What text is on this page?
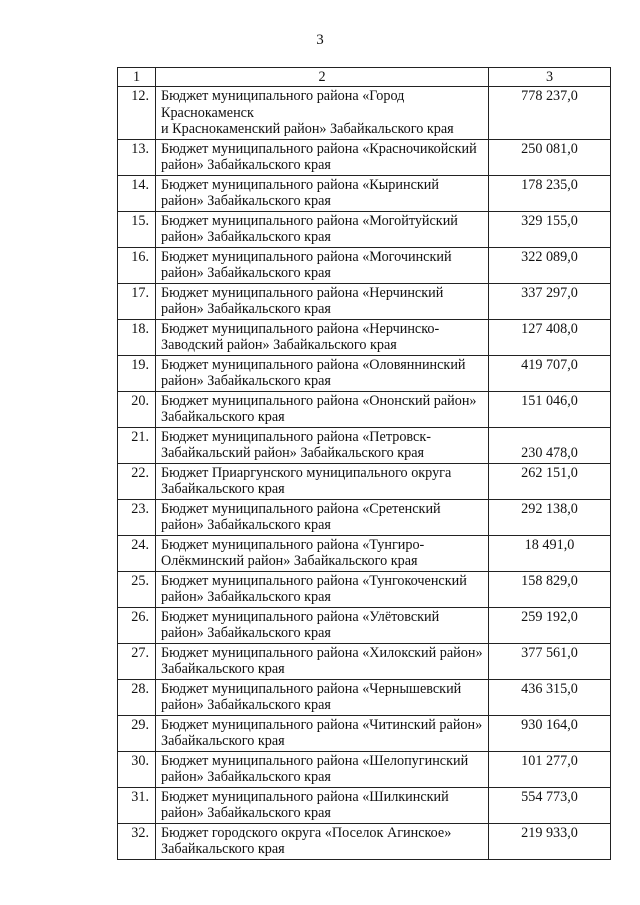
3
1	2	3
12.	Бюджет муниципального района «Город Краснокаменск
и Краснокаменский район» Забайкальского края	778 237,0
13.	Бюджет муниципального района «Красночикойский район» Забайкальского края	250 081,0
14.	Бюджет муниципального района «Кыринский район» Забайкальского края	178 235,0
15.	Бюджет муниципального района «Могойтуйский район» Забайкальского края	329 155,0
16.	Бюджет муниципального района «Могочинский район» Забайкальского края	322 089,0
17.	Бюджет муниципального района «Нерчинский район» Забайкальского края	337 297,0
18.	Бюджет муниципального района «Нерчинско-Заводский район» Забайкальского края	127 408,0
19.	Бюджет муниципального района «Оловяннинский район» Забайкальского края	419 707,0
20.	Бюджет муниципального района «Ононский район» Забайкальского края	151 046,0
21.	Бюджет муниципального района «Петровск-Забайкальский район» Забайкальского края	230 478,0
22.	Бюджет Приаргунского муниципального округа Забайкальского края	262 151,0
23.	Бюджет муниципального района «Сретенский район» Забайкальского края	292 138,0
24.	Бюджет муниципального района «Тунгиро-Олёкминский район» Забайкальского края	18 491,0
25.	Бюджет муниципального района «Тунгокоченский район» Забайкальского края	158 829,0
26.	Бюджет муниципального района «Улётовский район» Забайкальского края	259 192,0
27.	Бюджет муниципального района «Хилокский район» Забайкальского края	377 561,0
28.	Бюджет муниципального района «Чернышевский район» Забайкальского края	436 315,0
29.	Бюджет муниципального района «Читинский район» Забайкальского края	930 164,0
30.	Бюджет муниципального района «Шелопугинский район» Забайкальского края	101 277,0
31.	Бюджет муниципального района «Шилкинский район» Забайкальского края	554 773,0
32.	Бюджет городского округа «Поселок Агинское» Забайкальского края	219 933,0
